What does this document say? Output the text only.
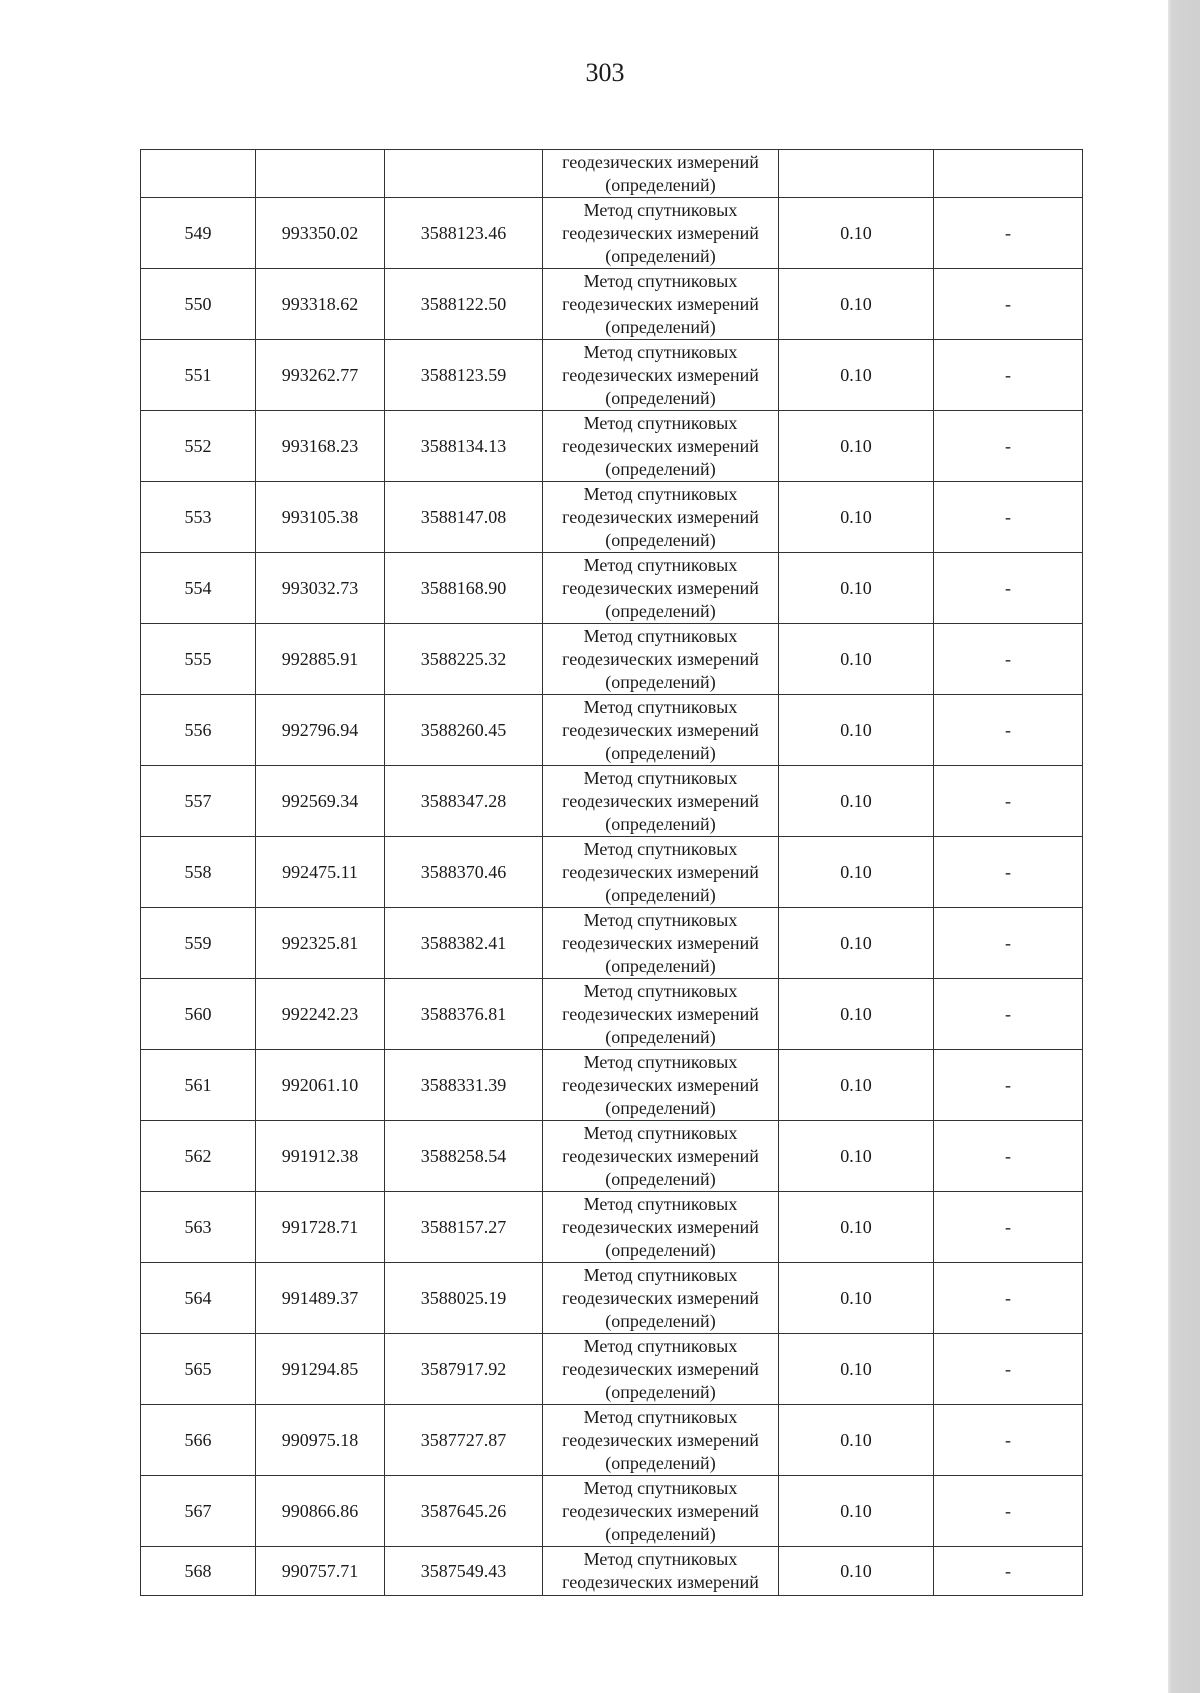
303

			геодезических измерений
(определений)		

549	993350.02	3588123.46	Метод спутниковых
геодезических измерений
(определений)	0.10	-
550	993318.62	3588122.50	Метод спутниковых
геодезических измерений
(определений)	0.10	-
551	993262.77	3588123.59	Метод спутниковых
геодезических измерений
(определений)	0.10	-
552	993168.23	3588134.13	Метод спутниковых
геодезических измерений
(определений)	0.10	-
553	993105.38	3588147.08	Метод спутниковых
геодезических измерений
(определений)	0.10	-
554	993032.73	3588168.90	Метод спутниковых
геодезических измерений
(определений)	0.10	-
555	992885.91	3588225.32	Метод спутниковых
геодезических измерений
(определений)	0.10	-
556	992796.94	3588260.45	Метод спутниковых
геодезических измерений
(определений)	0.10	-
557	992569.34	3588347.28	Метод спутниковых
геодезических измерений
(определений)	0.10	-
558	992475.11	3588370.46	Метод спутниковых
геодезических измерений
(определений)	0.10	-
559	992325.81	3588382.41	Метод спутниковых
геодезических измерений
(определений)	0.10	-
560	992242.23	3588376.81	Метод спутниковых
геодезических измерений
(определений)	0.10	-
561	992061.10	3588331.39	Метод спутниковых
геодезических измерений
(определений)	0.10	-
562	991912.38	3588258.54	Метод спутниковых
геодезических измерений
(определений)	0.10	-
563	991728.71	3588157.27	Метод спутниковых
геодезических измерений
(определений)	0.10	-
564	991489.37	3588025.19	Метод спутниковых
геодезических измерений
(определений)	0.10	-
565	991294.85	3587917.92	Метод спутниковых
геодезических измерений
(определений)	0.10	-
566	990975.18	3587727.87	Метод спутниковых
геодезических измерений
(определений)	0.10	-
567	990866.86	3587645.26	Метод спутниковых
геодезических измерений
(определений)	0.10	-
568	990757.71	3587549.43	Метод спутниковых
геодезических измерений	0.10	-
